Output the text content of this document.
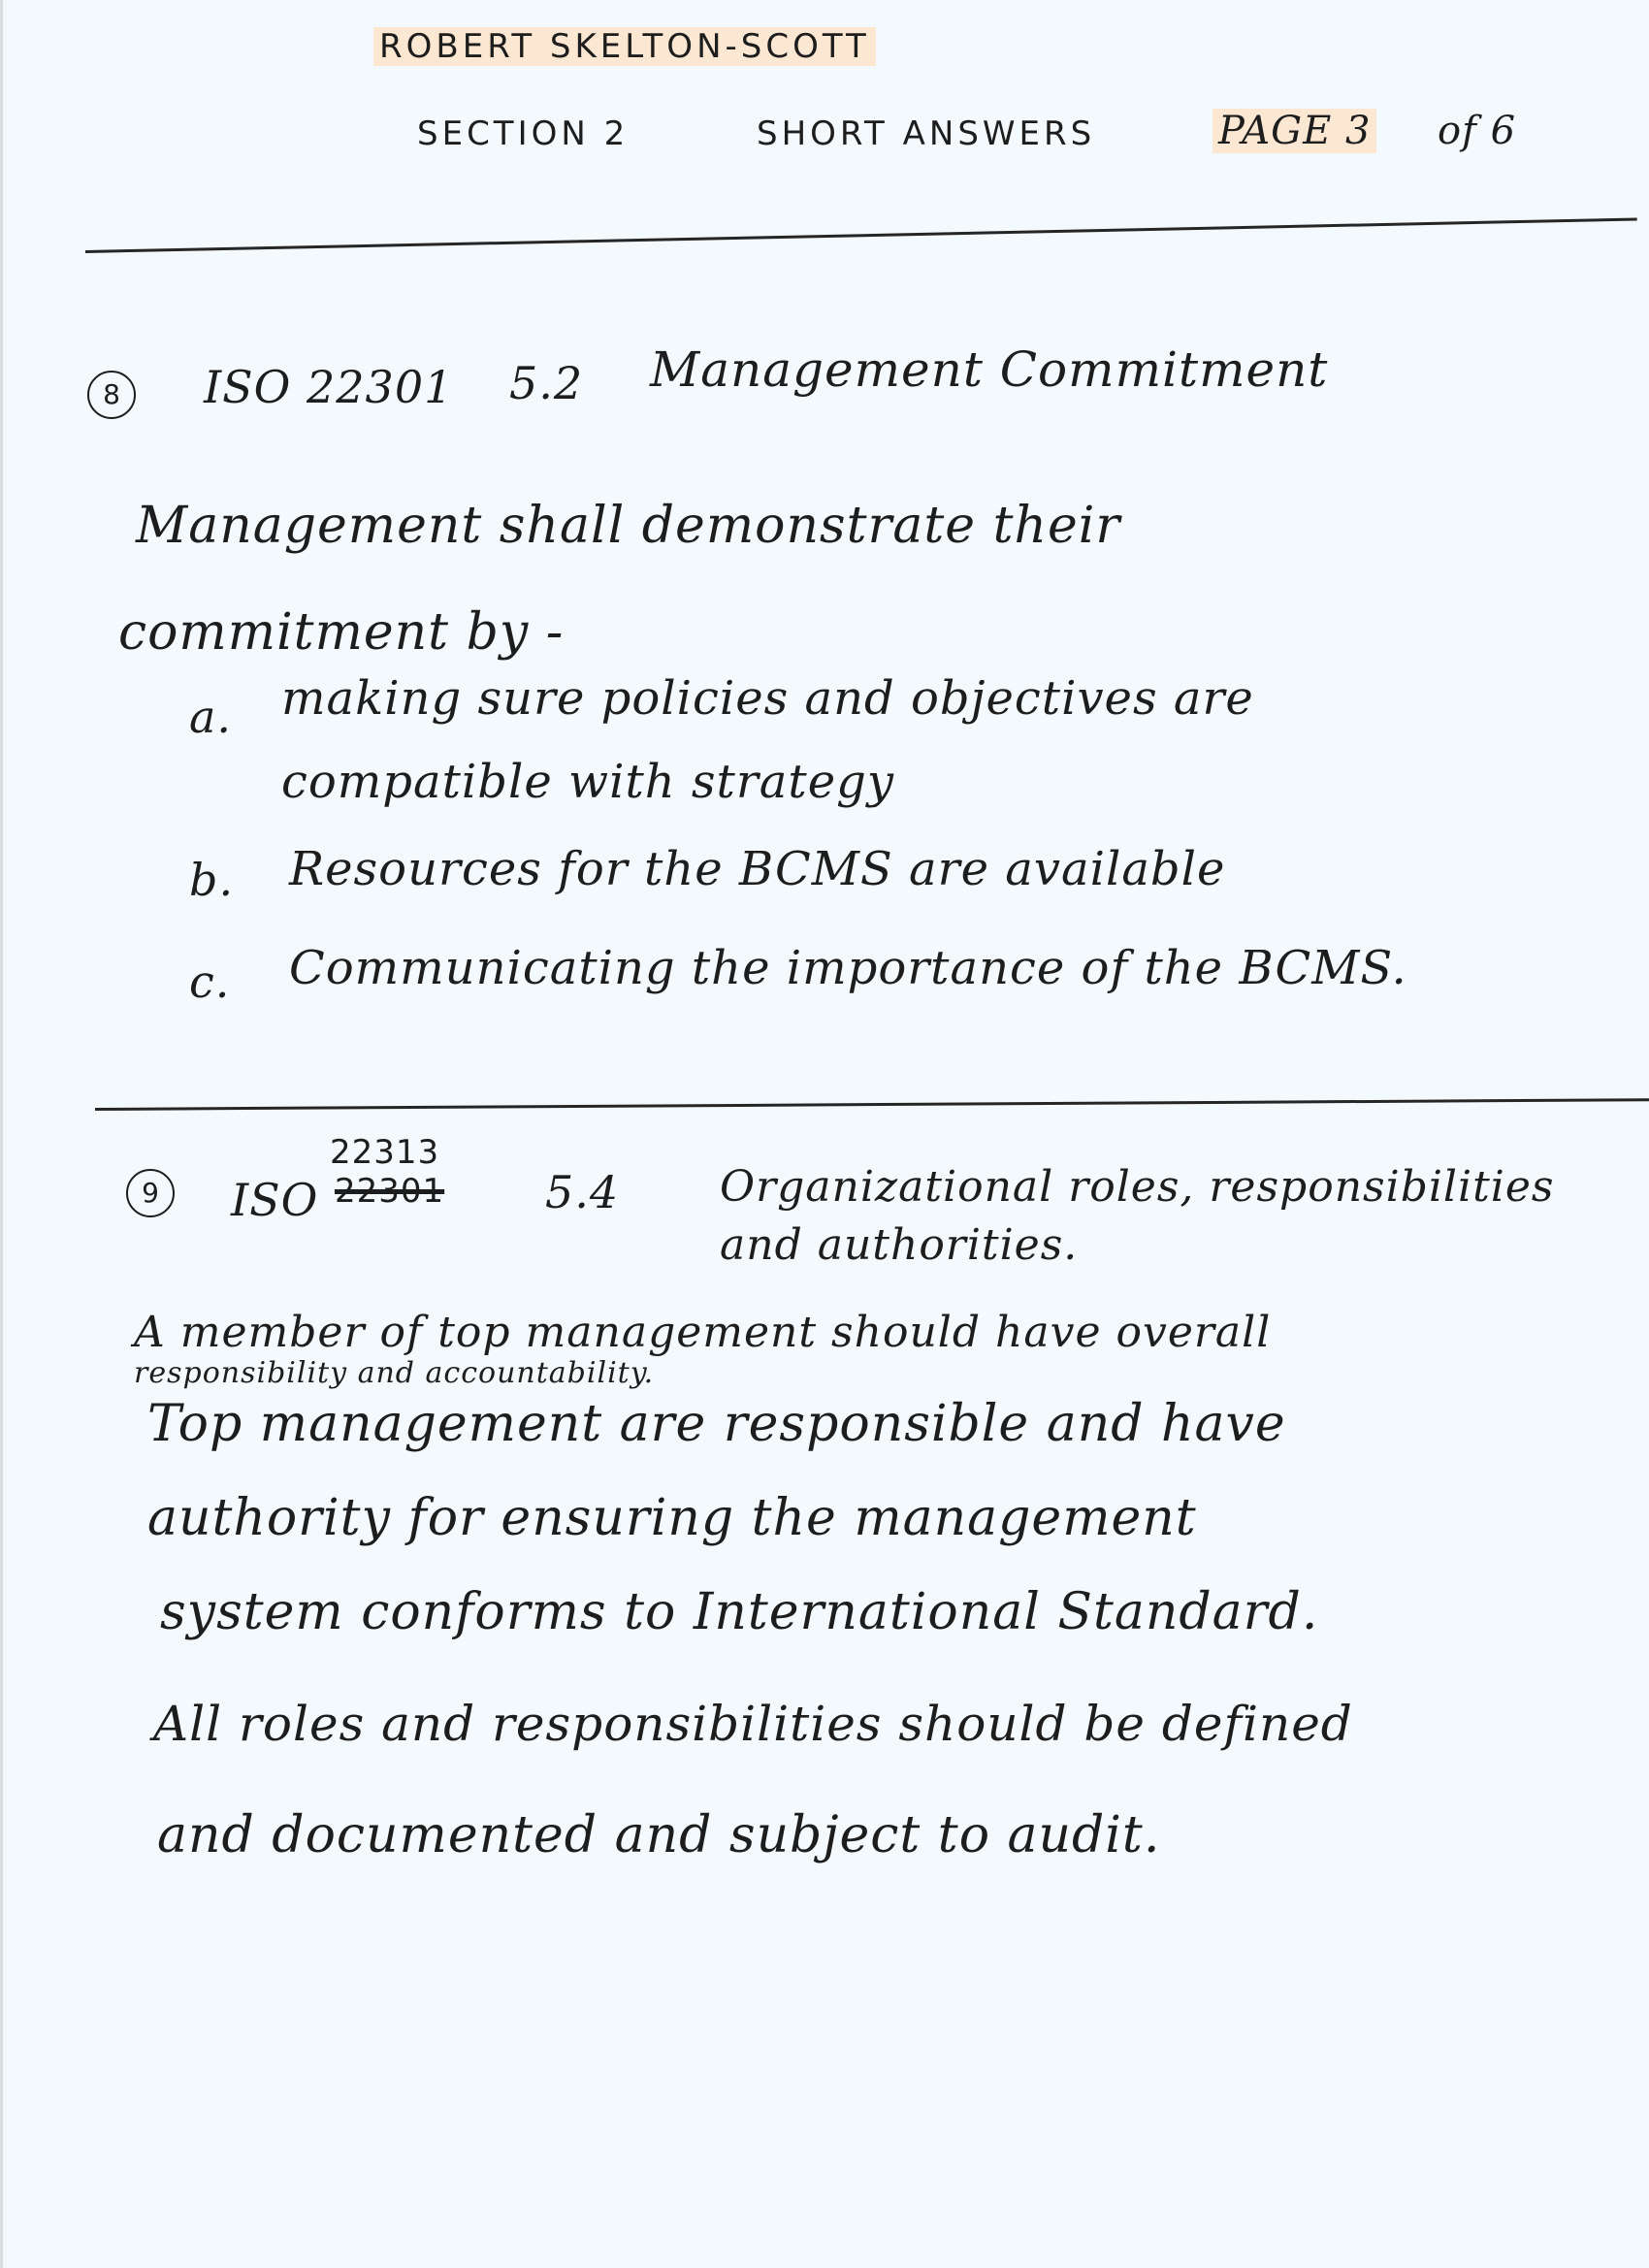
ROBERT SKELTON-SCOTT
SECTION 2	SHORT ANSWERS	PAGE 3 of 6
8	ISO 22301 5.2 Management Commitment
Management shall demonstrate their
commitment by -
a. making sure policies and objectives are
compatible with strategy
b. Resources for the BCMS are available
c. Communicating the importance of the BCMS.
9	ISO
22313
22301 5.4 Organizational roles, responsibilities
and authorities.
A member of top management should have overall
responsibility and accountability.
Top management are responsible and have
authority for ensuring the management
system conforms to International Standard.
All roles and responsibilities should be defined
and documented and subject to audit.
